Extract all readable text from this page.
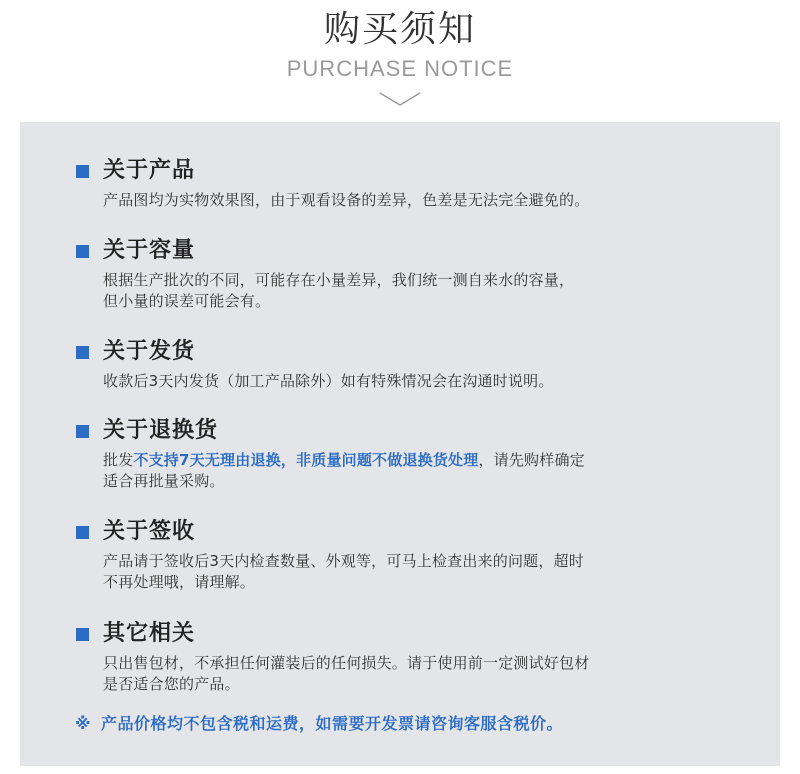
购买须知
PURCHASE NOTICE
关于产品
产品图均为实物效果图，由于观看设备的差异，色差是无法完全避免的。
关于容量
根据生产批次的不同，可能存在小量差异，我们统一测自来水的容量，
但小量的误差可能会有。
关于发货
收款后3天内发货（加工产品除外）如有特殊情况会在沟通时说明。
关于退换货
批发不支持7天无理由退换，非质量问题不做退换货处理，请先购样确定
适合再批量采购。
关于签收
产品请于签收后3天内检查数量、外观等，可马上检查出来的问题，超时
不再处理哦，请理解。
其它相关
只出售包材，不承担任何灌装后的任何损失。请于使用前一定测试好包材
是否适合您的产品。
※ 产品价格均不包含税和运费，如需要开发票请咨询客服含税价。
